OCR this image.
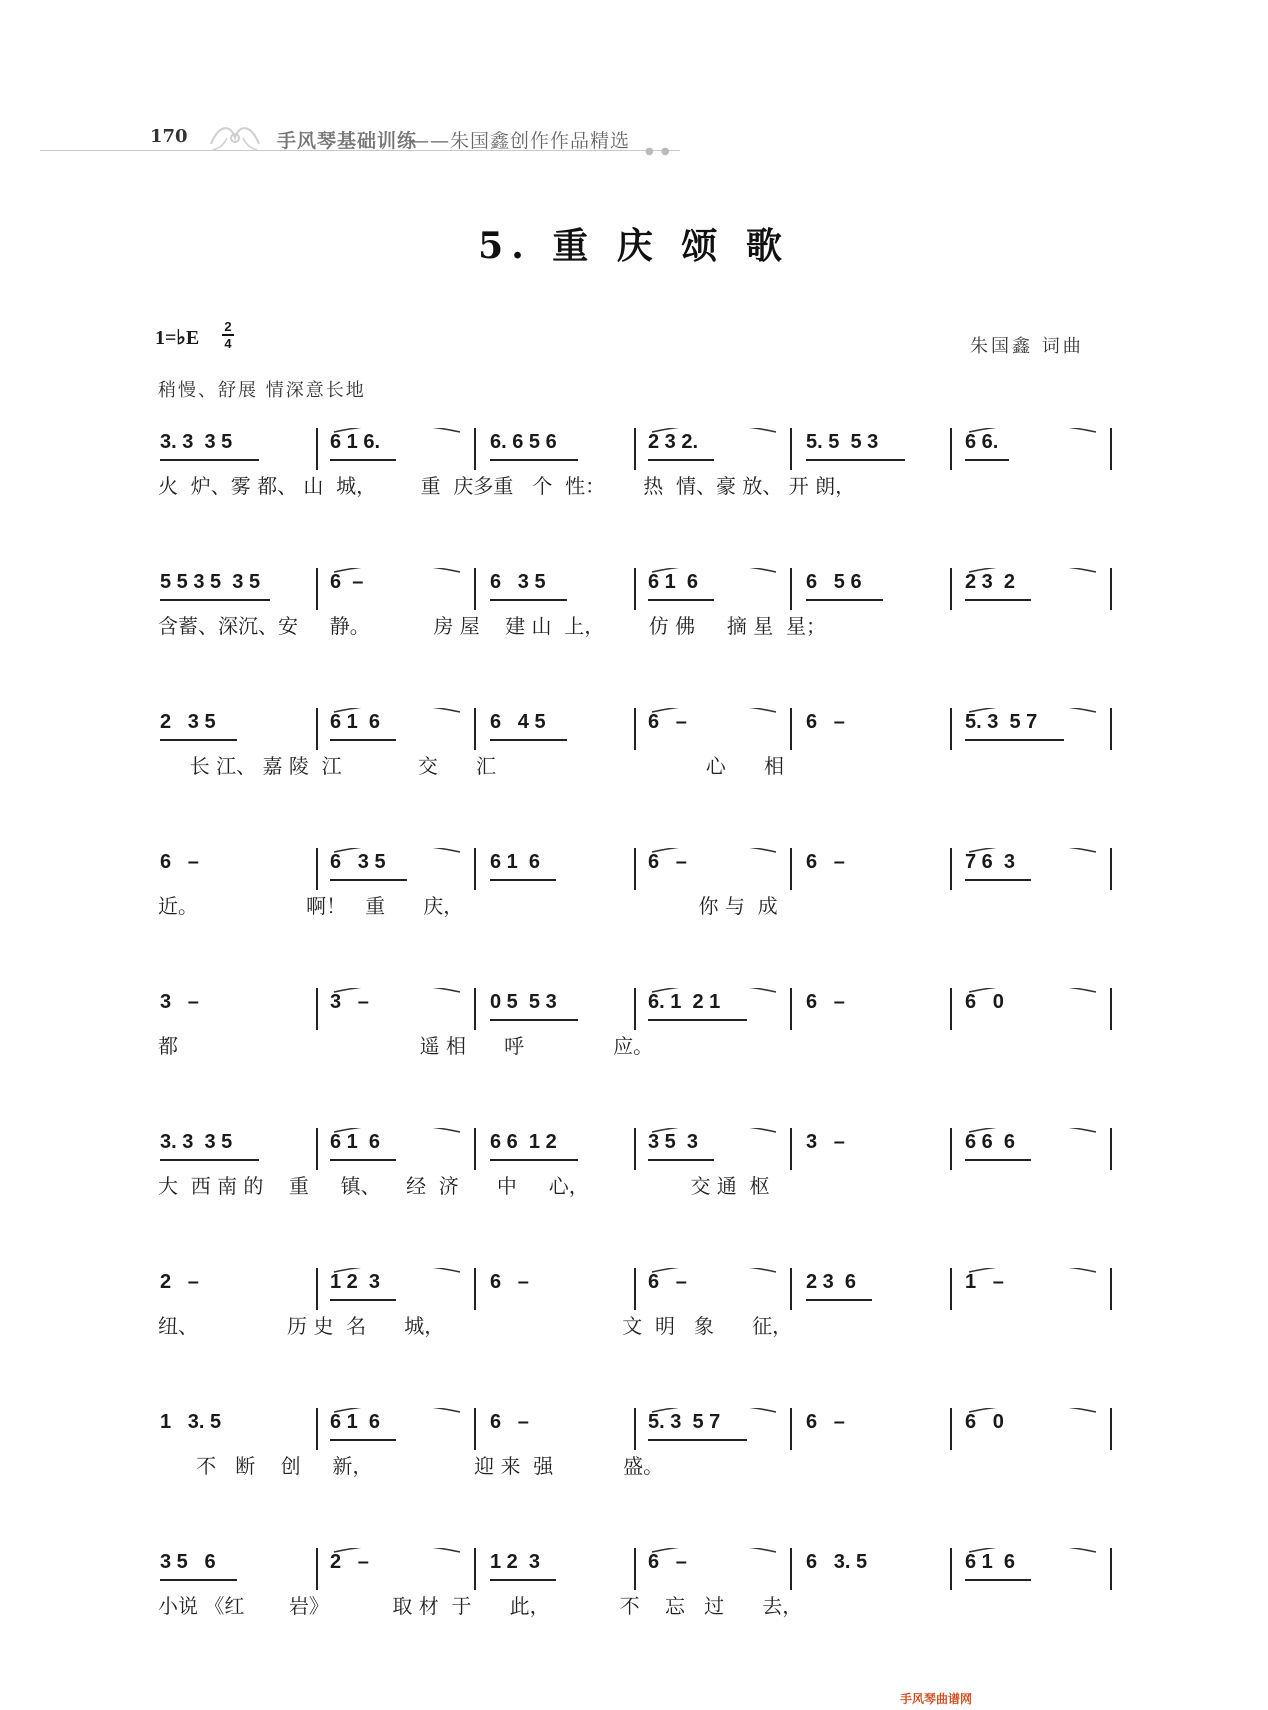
170	手风琴基础训练
——朱国鑫创作作品精选 ● ●
5. 重 庆 颂 歌
1=♭E
2
4
稍慢、舒展 情深意长地
朱国鑫 词曲
3. 3  3 5	6 1 6.	6. 6 5 6	2 3 2.	5. 5  5 3	6 6.
火  炉、雾 都、 山  城，       重  庆多重   个  性：      热  情、豪 放、 开 朗，
5 5 3 5  3 5	6  –	6   3 5	6 1  6	6   5 6	2 3  2
含蓄、深沉、安     静。          房 屋    建 山  上，       仿 佛     摘 星  星；
2   3 5	6 1  6	6   4 5	6   –	6   –	5. 3  5 7
长 江、 嘉 陵  江            交      汇                                 心      相
6   –	6   3 5	6 1  6	6   –	6   –	7 6  3
近。                 啊！   重      庆，                                     你 与  成
3   –	3   –	0 5  5 3	6. 1  2 1	6   –	6   0
都                                      遥 相      呼              应。
3. 3  3 5	6 1  6	6 6  1 2	3 5  3	3   –	6 6  6
大  西 南 的    重     镇、    经  济      中     心，                交 通  枢
2   –	1 2  3	6   –	6   –	2 3  6	1   –
纽、              历 史  名      城，                            文  明   象      征，
1   3. 5	6 1  6	6   –	5. 3  5 7	6   –	6   0
不   断    创     新，                迎 来  强           盛。
3 5   6	2   –	1 2  3	6   –	6   3. 5	6 1  6
小说 《红       岩》          取 材  于      此，           不    忘   过      去，
手风琴曲谱网
